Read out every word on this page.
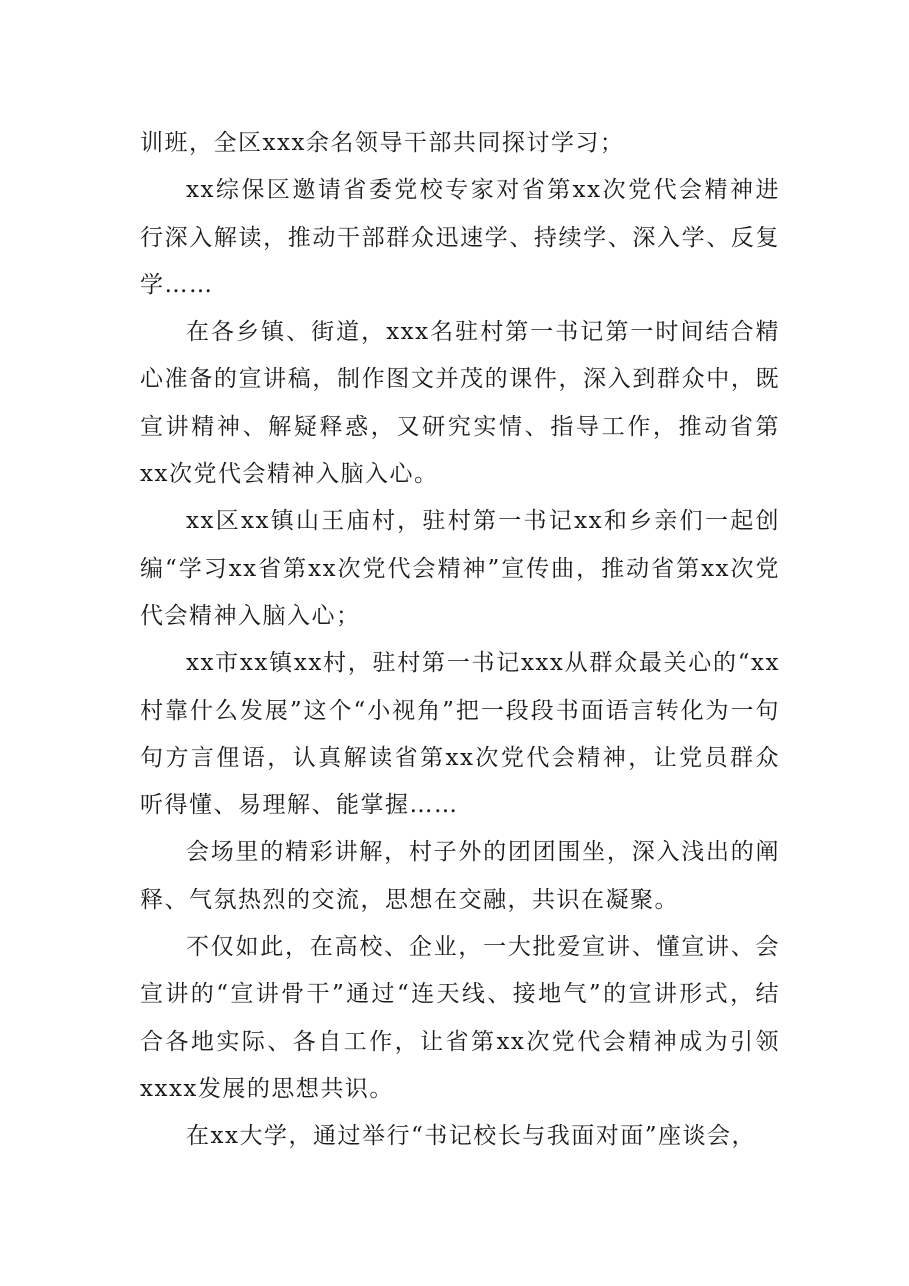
训班，全区xxx余名领导干部共同探讨学习；

xx综保区邀请省委党校专家对省第xx次党代会精神进行深入解读，推动干部群众迅速学、持续学、深入学、反复学……

在各乡镇、街道，xxx名驻村第一书记第一时间结合精心准备的宣讲稿，制作图文并茂的课件，深入到群众中，既宣讲精神、解疑释惑，又研究实情、指导工作，推动省第xx次党代会精神入脑入心。

xx区xx镇山王庙村，驻村第一书记xx和乡亲们一起创编“学习xx省第xx次党代会精神”宣传曲，推动省第xx次党代会精神入脑入心；

xx市xx镇xx村，驻村第一书记xxx从群众最关心的“xx村靠什么发展”这个“小视角”把一段段书面语言转化为一句句方言俚语，认真解读省第xx次党代会精神，让党员群众听得懂、易理解、能掌握……

会场里的精彩讲解，村子外的团团围坐，深入浅出的阐释、气氛热烈的交流，思想在交融，共识在凝聚。

不仅如此，在高校、企业，一大批爱宣讲、懂宣讲、会宣讲的“宣讲骨干”通过“连天线、接地气”的宣讲形式，结合各地实际、各自工作，让省第xx次党代会精神成为引领xxxx发展的思想共识。

在xx大学，通过举行“书记校长与我面对面”座谈会，
